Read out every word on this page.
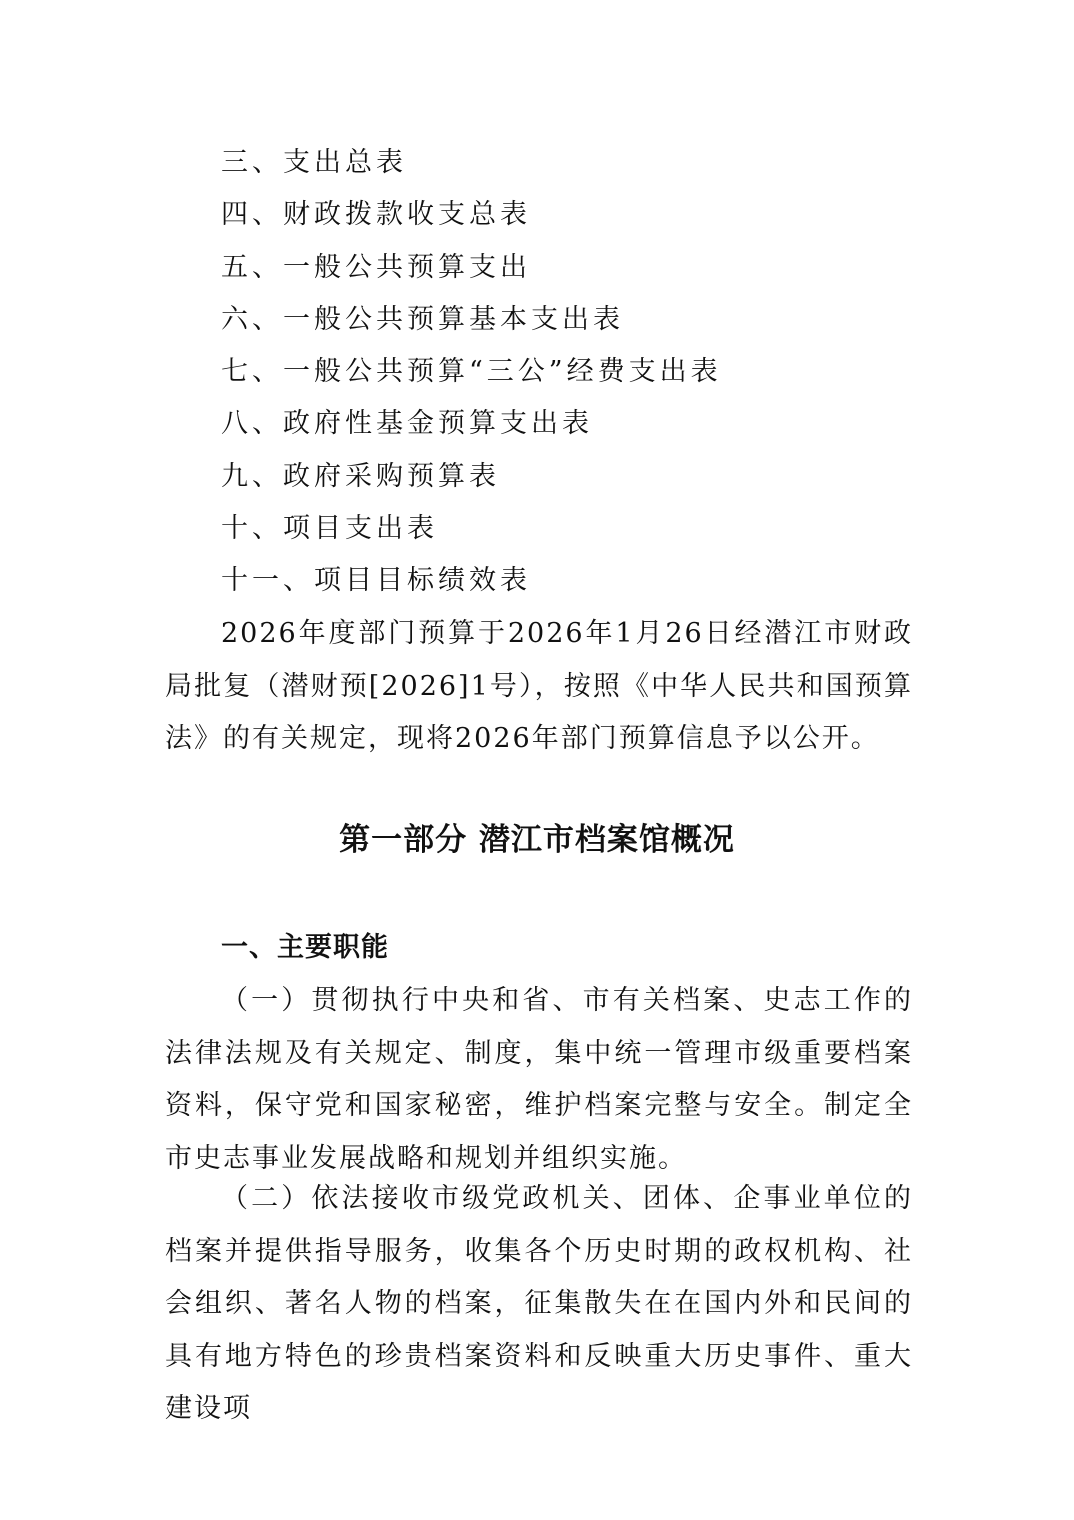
三、支出总表
四、财政拨款收支总表
五、一般公共预算支出
六、一般公共预算基本支出表
七、一般公共预算“三公”经费支出表
八、政府性基金预算支出表
九、政府采购预算表
十、项目支出表
十一、项目目标绩效表

2026年度部门预算于2026年1月26日经潜江市财政局批复（潜财预[2026]1号），按照《中华人民共和国预算法》的有关规定，现将2026年部门预算信息予以公开。

第一部分 潜江市档案馆概况
一、主要职能

（一）贯彻执行中央和省、市有关档案、史志工作的法律法规及有关规定、制度，集中统一管理市级重要档案资料，保守党和国家秘密，维护档案完整与安全。制定全市史志事业发展战略和规划并组织实施。

（二）依法接收市级党政机关、团体、企事业单位的档案并提供指导服务，收集各个历史时期的政权机构、社会组织、著名人物的档案，征集散失在在国内外和民间的具有地方特色的珍贵档案资料和反映重大历史事件、重大建设项
